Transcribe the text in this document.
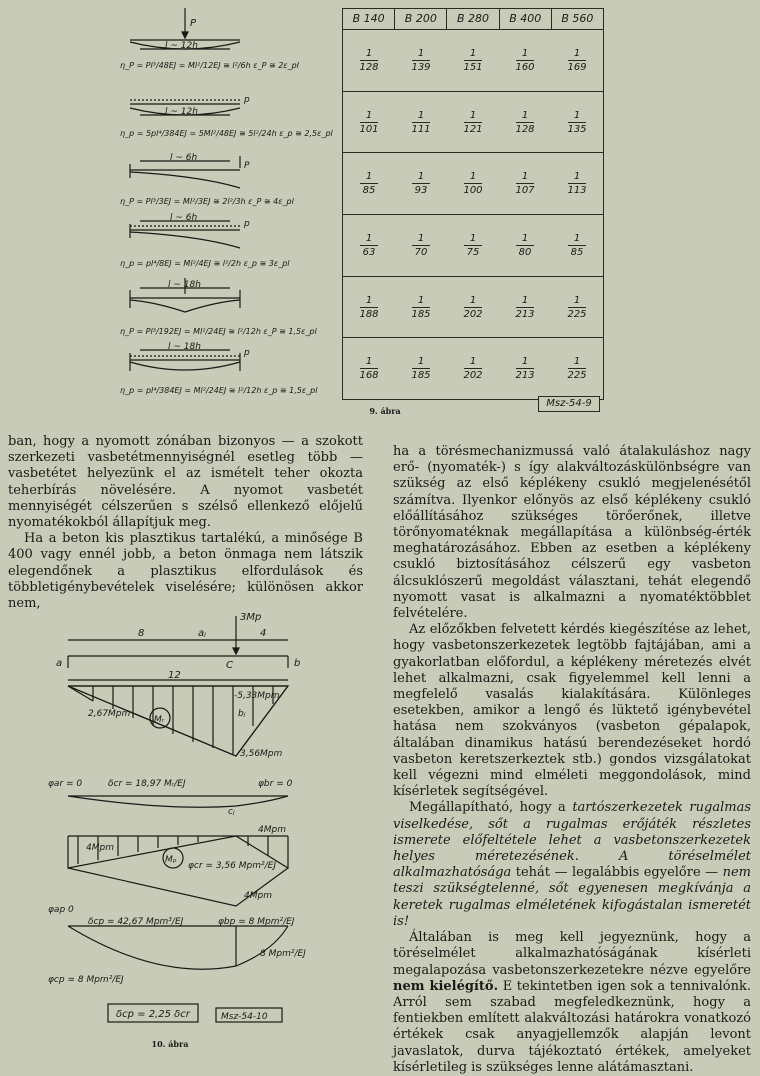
P
l ~ 12h
η_P = Pl³/48EJ = Ml²/12EJ ≅ l²/6h ε_P ≅ 2ε_pl
p
l ~ 12h
η_p = 5pl⁴/384EJ = 5Ml²/48EJ ≅ 5l²/24h ε_p ≅ 2,5ε_pl
P
l ~ 6h
η_P = Pl³/3EJ = Ml²/3EJ ≅ 2l²/3h ε_P ≅ 4ε_pl
p
l ~ 6h
η_p = pl⁴/8EJ = Ml²/4EJ ≅ l²/2h ε_p ≅ 3ε_pl
l ~ 18h
η_P = Pl³/192EJ = Ml²/24EJ ≅ l²/12h ε_P ≅ 1,5ε_pl
p
l ~ 18h
η_p = pl⁴/384EJ = Ml²/24EJ ≅ l²/12h ε_p ≅ 1,5ε_pl
B 140	B 200	B 280	B 400	B 560
$\frac{1}{128} \frac{1}{139} \frac{1}{151} \frac{1}{160} \frac{1}{169}$
$\frac{1}{101} \frac{1}{111} \frac{1}{121} \frac{1}{128} \frac{1}{135}$
$\frac{1}{85} \frac{1}{93} \frac{1}{100} \frac{1}{107} \frac{1}{113}$
$\frac{1}{63} \frac{1}{70} \frac{1}{75} \frac{1}{80} \frac{1}{85}$
$\frac{1}{188} \frac{1}{185} \frac{1}{202} \frac{1}{213} \frac{1}{225}$
$\frac{1}{168} \frac{1}{185} \frac{1}{202} \frac{1}{213} \frac{1}{225}$
Msz-54-9
9. ábra

ban, hogy a nyomott zónában bizonyos — a szokott szerkezeti vasbetétmennyiségnél esetleg több — vasbetétet helyezünk el az ismételt teher okozta teherbírás növelésére. A nyomot vasbetét mennyiségét célszerűen s szélső ellenkező előjelű nyomatékokból állapítjuk meg.

Ha a beton kis plasztikus tartalékú, a minősége B 400 vagy ennél jobb, a beton önmaga nem látszik elegendőnek a plasztikus elfordulások és többletigénybevételek viselésére; különösen akkor nem,

3Mp
8	aⱼ	4
a	b
C
12
2,67Mpm
Mᵣ
-5,33Mpm
bⱼ
3,56Mpm
φar = 0	δcr = 18,97 Mᵣ/EJ	φbr = 0
cⱼ
4Mpm
4Mpm
Mₚ
φcr = 3,56 Mpm²/EJ
4Mpm
φap 0
δcp = 42,67 Mpm³/EJ	φbp = 8 Mpm²/EJ
8 Mpm²/EJ
φcp = 8 Mpm²/EJ
δcp = 2,25 δcr	Msz-54-10
10. ábra

ha a törésmechanizmussá való átalakuláshoz nagy erő- (nyomaték-) s így alakváltozáskülönbségre van szükség az első képlékeny csukló megjelenésétől számítva. Ilyenkor előnyös az első képlékeny csukló előállításához szükséges törőerőnek, illetve törőnyomatéknak megállapítása a különbség-érték meghatározásához. Ebben az esetben a képlékeny csukló biztosításához célszerű egy vasbeton álcsuklószerű megoldást választani, tehát elegendő nyomott vasat is alkalmazni a nyomatéktöbblet felvételére.

Az előzőkben felvetett kérdés kiegészítése az lehet, hogy vasbetonszerkezetek legtöbb fajtájában, ami a gyakorlatban előfordul, a képlékeny méretezés elvét lehet alkalmazni, csak figyelemmel kell lenni a megfelelő vasalás kialakítására. Különleges esetekben, amikor a lengő és lüktető igénybevétel hatása nem szokványos (vasbeton gépalapok, általában dinamikus hatású berendezéseket hordó vasbeton keretszerkeztek stb.) gondos vizsgálatokat kell végezni mind elméleti meggondolások, mind kísérletek segítségével.

Megállapítható, hogy a tartószerkezetek rugalmas viselkedése, sőt a rugalmas erőjáték részletes ismerete előfeltétele lehet a vasbetonszerkezetek helyes méretezésének. A töréselmélet alkalmazhatósága tehát — legalábbis egyelőre — nem teszi szükségtelenné, sőt egyenesen megkívánja a keretek rugalmas elméletének kifogástalan ismeretét is!

Általában is meg kell jegyeznünk, hogy a töréselmélet alkalmazhatóságának kísérleti megalapozása vasbetonszerkezetekre nézve egyelőre nem kielégítő. E tekintetben igen sok a tennivalónk. Arról sem szabad megfeledkeznünk, hogy a fentiekben említett alakváltozási határokra vonatkozó értékek csak anyagjellemzők alapján levont javaslatok, durva tájékoztató értékek, amelyeket kísérletileg is szükséges lenne alátámasztani.
